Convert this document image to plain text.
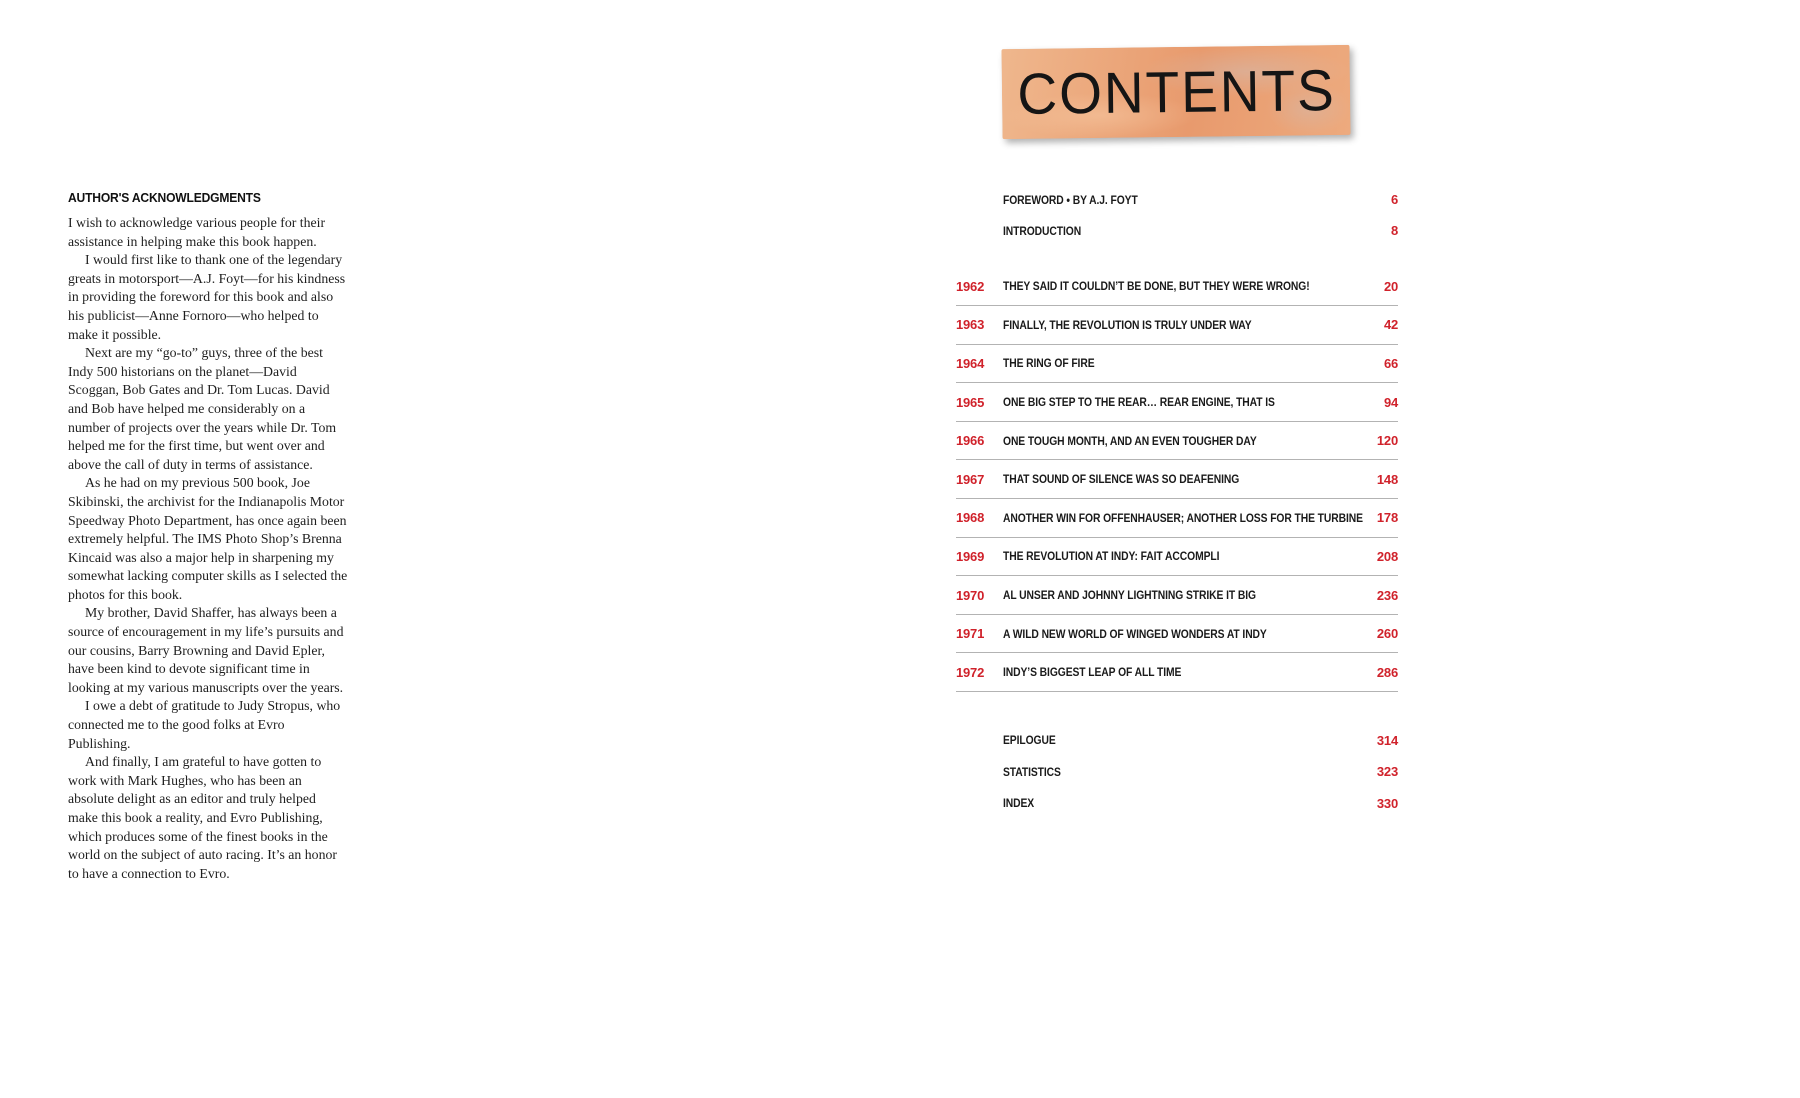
AUTHOR'S ACKNOWLEDGMENTS

I wish to acknowledge various people for their assistance in helping make this book happen.

I would first like to thank one of the legendary greats in motorsport—A.J. Foyt—for his kindness in providing the foreword for this book and also his publicist—Anne Fornoro—who helped to make it possible.

Next are my “go-to” guys, three of the best Indy 500 historians on the planet—David Scoggan, Bob Gates and Dr. Tom Lucas. David and Bob have helped me considerably on a number of projects over the years while Dr. Tom helped me for the first time, but went over and above the call of duty in terms of assistance.

As he had on my previous 500 book, Joe Skibinski, the archivist for the Indianapolis Motor Speedway Photo Department, has once again been extremely helpful. The IMS Photo Shop’s Brenna Kincaid was also a major help in sharpening my somewhat lacking computer skills as I selected the photos for this book.

My brother, David Shaffer, has always been a source of encouragement in my life’s pursuits and our cousins, Barry Browning and David Epler, have been kind to devote significant time in looking at my various manuscripts over the years.

I owe a debt of gratitude to Judy Stropus, who connected me to the good folks at Evro Publishing.

And finally, I am grateful to have gotten to work with Mark Hughes, who has been an absolute delight as an editor and truly helped make this book a reality, and Evro Publishing, which produces some of the finest books in the world on the subject of auto racing. It’s an honor to have a connection to Evro.

CONTENTS
FOREWORD • BY A.J. FOYT	6
INTRODUCTION	8
1962	THEY SAID IT COULDN’T BE DONE, BUT THEY WERE WRONG!	20
1963	FINALLY, THE REVOLUTION IS TRULY UNDER WAY	42
1964	THE RING OF FIRE	66
1965	ONE BIG STEP TO THE REAR… REAR ENGINE, THAT IS	94
1966	ONE TOUGH MONTH, AND AN EVEN TOUGHER DAY	120
1967	THAT SOUND OF SILENCE WAS SO DEAFENING	148
1968	ANOTHER WIN FOR OFFENHAUSER; ANOTHER LOSS FOR THE TURBINE	178
1969	THE REVOLUTION AT INDY: FAIT ACCOMPLI	208
1970	AL UNSER AND JOHNNY LIGHTNING STRIKE IT BIG	236
1971	A WILD NEW WORLD OF WINGED WONDERS AT INDY	260
1972	INDY’S BIGGEST LEAP OF ALL TIME	286
EPILOGUE	314
STATISTICS	323
INDEX	330
